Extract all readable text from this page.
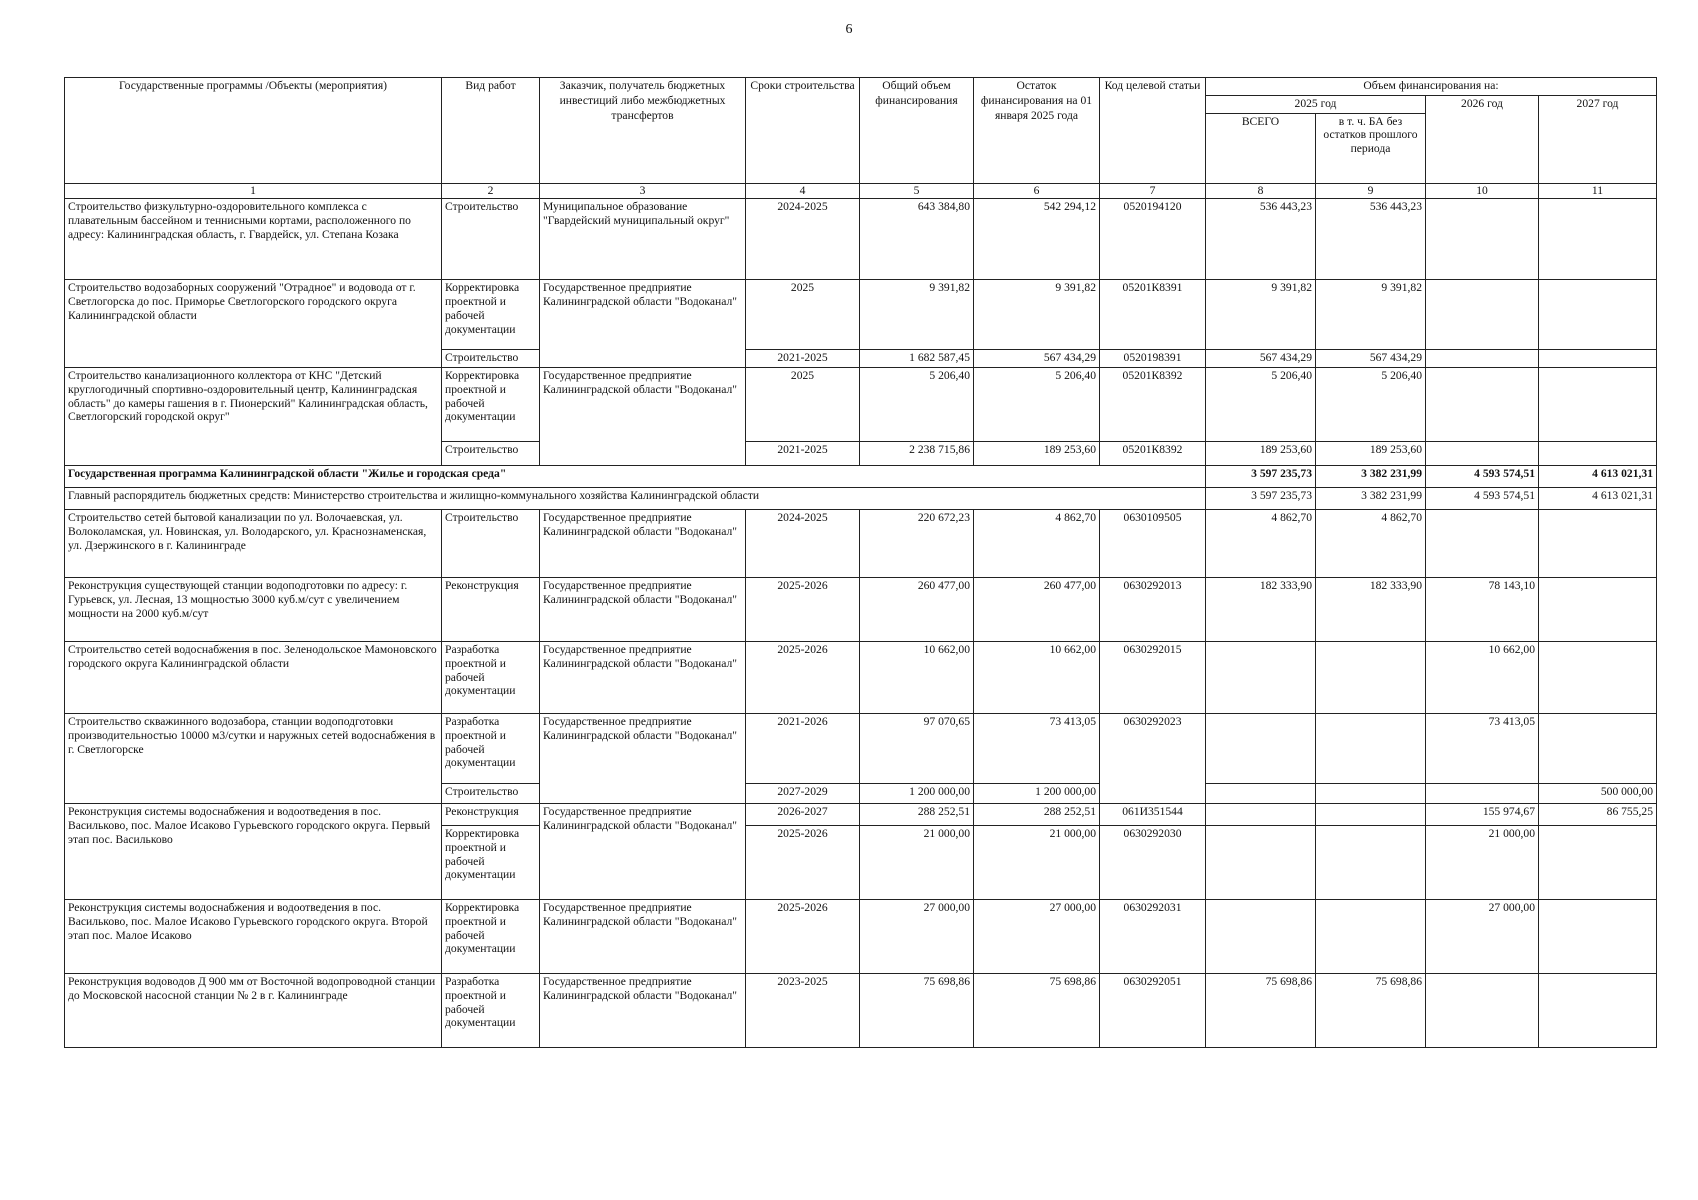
6
Государственные программы /Объекты (мероприятия)	Вид работ	Заказчик, получатель бюджетных инвестиций либо межбюджетных трансфертов	Сроки строительства	Общий объем финансирования	Остаток финансирования на 01 января 2025 года	Код целевой статьи	Объем финансирования на:			
							2025 год		2026 год	2027 год
							ВСЕГО	в т. ч. БА без остатков прошлого периода		
1	2	3	4	5	6	7	8	9	10	11
Строительство физкультурно-оздоровительного комплекса с плавательным бассейном и теннисными кортами, расположенного по адресу: Калининградская область, г. Гвардейск, ул. Степана Козака	Строительство	Муниципальное образование "Гвардейский муниципальный округ"	2024-2025	643 384,80	542 294,12	0520194120	536 443,23	536 443,23		
Строительство водозаборных сооружений "Отрадное" и водовода от г. Светлогорска до пос. Приморье Светлогорского городского округа Калининградской области	Корректировка проектной и рабочей документации	Государственное предприятие Калининградской области "Водоканал"	2025	9 391,82	9 391,82	05201К8391	9 391,82	9 391,82		
	Строительство		2021-2025	1 682 587,45	567 434,29	0520198391	567 434,29	567 434,29		
Строительство канализационного коллектора от КНС "Детский круглогодичный спортивно-оздоровительный центр, Калининградская область" до камеры гашения в г. Пионерский" Калининградская область, Светлогорский городской округ"	Корректировка проектной и рабочей документации	Государственное предприятие Калининградской области "Водоканал"	2025	5 206,40	5 206,40	05201К8392	5 206,40	5 206,40		
	Строительство		2021-2025	2 238 715,86	189 253,60	05201К8392	189 253,60	189 253,60		
Государственная программа Калининградской области "Жилье и городская среда"							3 597 235,73	3 382 231,99	4 593 574,51	4 613 021,31
Главный распорядитель бюджетных средств: Министерство строительства и жилищно-коммунального хозяйства Калининградской области							3 597 235,73	3 382 231,99	4 593 574,51	4 613 021,31
Строительство сетей бытовой канализации по ул. Волочаевская, ул. Волоколамская, ул. Новинская, ул. Володарского, ул. Краснознаменская, ул. Дзержинского в г. Калининграде	Строительство	Государственное предприятие Калининградской области "Водоканал"	2024-2025	220 672,23	4 862,70	0630109505	4 862,70	4 862,70		
Реконструкция существующей станции водоподготовки по адресу: г. Гурьевск, ул. Лесная, 13 мощностью 3000 куб.м/сут с увеличением мощности на 2000 куб.м/сут	Реконструкция	Государственное предприятие Калининградской области "Водоканал"	2025-2026	260 477,00	260 477,00	0630292013	182 333,90	182 333,90	78 143,10	
Строительство сетей водоснабжения в пос. Зеленодольское Мамоновского городского округа Калининградской области	Разработка проектной и рабочей документации	Государственное предприятие Калининградской области "Водоканал"	2025-2026	10 662,00	10 662,00	0630292015			10 662,00	
Строительство скважинного водозабора, станции водоподготовки производительностью 10000 м3/сутки и наружных сетей водоснабжения в г. Светлогорске	Разработка проектной и рабочей документации	Государственное предприятие Калининградской области "Водоканал"	2021-2026	97 070,65	73 413,05	0630292023			73 413,05	
	Строительство		2027-2029	1 200 000,00	1 200 000,00					500 000,00
Реконструкция системы водоснабжения и водоотведения в пос. Васильково, пос. Малое Исаково Гурьевского городского округа. Первый этап пос. Васильково	Реконструкция	Государственное предприятие Калининградской области "Водоканал"	2026-2027	288 252,51	288 252,51	061И351544			155 974,67	86 755,25
	Корректировка проектной и рабочей документации		2025-2026	21 000,00	21 000,00	0630292030			21 000,00	
Реконструкция системы водоснабжения и водоотведения в пос. Васильково, пос. Малое Исаково Гурьевского городского округа. Второй этап пос. Малое Исаково	Корректировка проектной и рабочей документации	Государственное предприятие Калининградской области "Водоканал"	2025-2026	27 000,00	27 000,00	0630292031			27 000,00	
Реконструкция водоводов Д 900 мм от Восточной водопроводной станции до Московской насосной станции № 2 в г. Калининграде	Разработка проектной и рабочей документации	Государственное предприятие Калининградской области "Водоканал"	2023-2025	75 698,86	75 698,86	0630292051	75 698,86	75 698,86		
